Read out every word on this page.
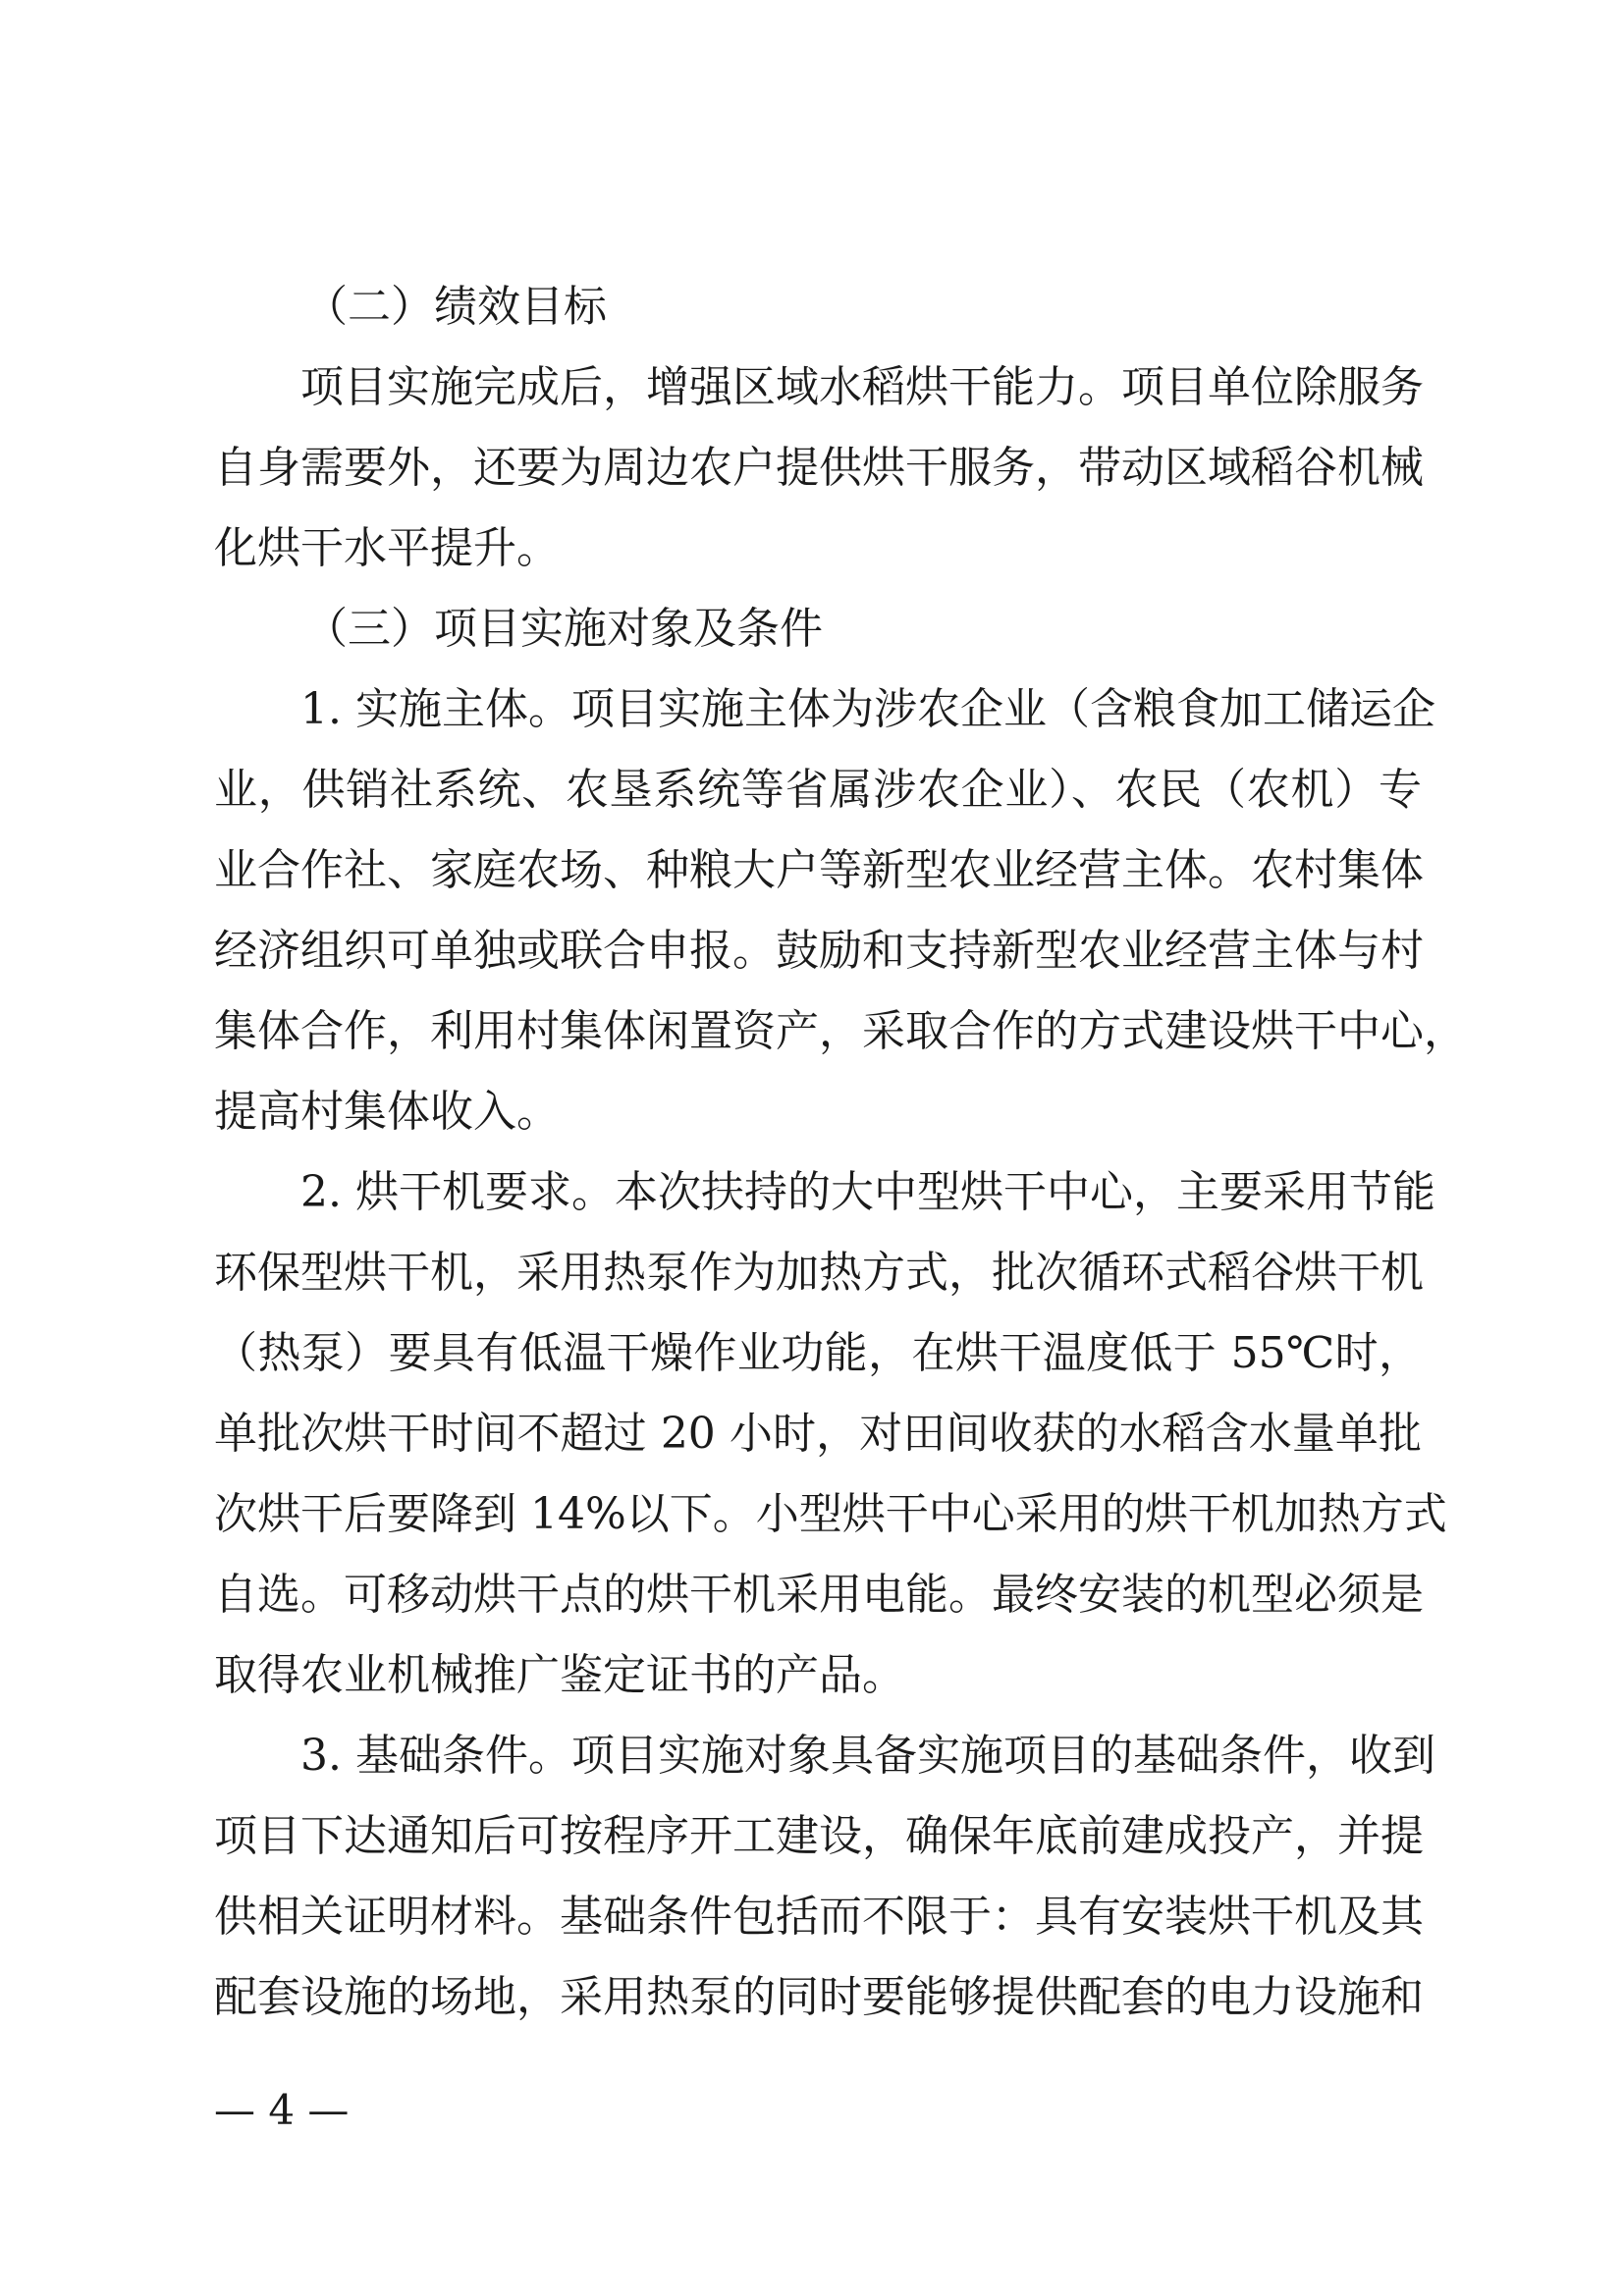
（二）绩效目标
项目实施完成后，增强区域水稻烘干能力。项目单位除服务
自身需要外，还要为周边农户提供烘干服务，带动区域稻谷机械
化烘干水平提升。
（三）项目实施对象及条件
1. 实施主体。项目实施主体为涉农企业（含粮食加工储运企
业，供销社系统、农垦系统等省属涉农企业）、农民（农机）专
业合作社、家庭农场、种粮大户等新型农业经营主体。农村集体
经济组织可单独或联合申报。鼓励和支持新型农业经营主体与村
集体合作，利用村集体闲置资产，采取合作的方式建设烘干中心，
提高村集体收入。
2. 烘干机要求。本次扶持的大中型烘干中心，主要采用节能
环保型烘干机，采用热泵作为加热方式，批次循环式稻谷烘干机
（热泵）要具有低温干燥作业功能，在烘干温度低于 55℃时，
单批次烘干时间不超过 20 小时，对田间收获的水稻含水量单批
次烘干后要降到 14%以下。小型烘干中心采用的烘干机加热方式
自选。可移动烘干点的烘干机采用电能。最终安装的机型必须是
取得农业机械推广鉴定证书的产品。
3. 基础条件。项目实施对象具备实施项目的基础条件，收到
项目下达通知后可按程序开工建设，确保年底前建成投产，并提
供相关证明材料。基础条件包括而不限于：具有安装烘干机及其
配套设施的场地，采用热泵的同时要能够提供配套的电力设施和
— 4 —
